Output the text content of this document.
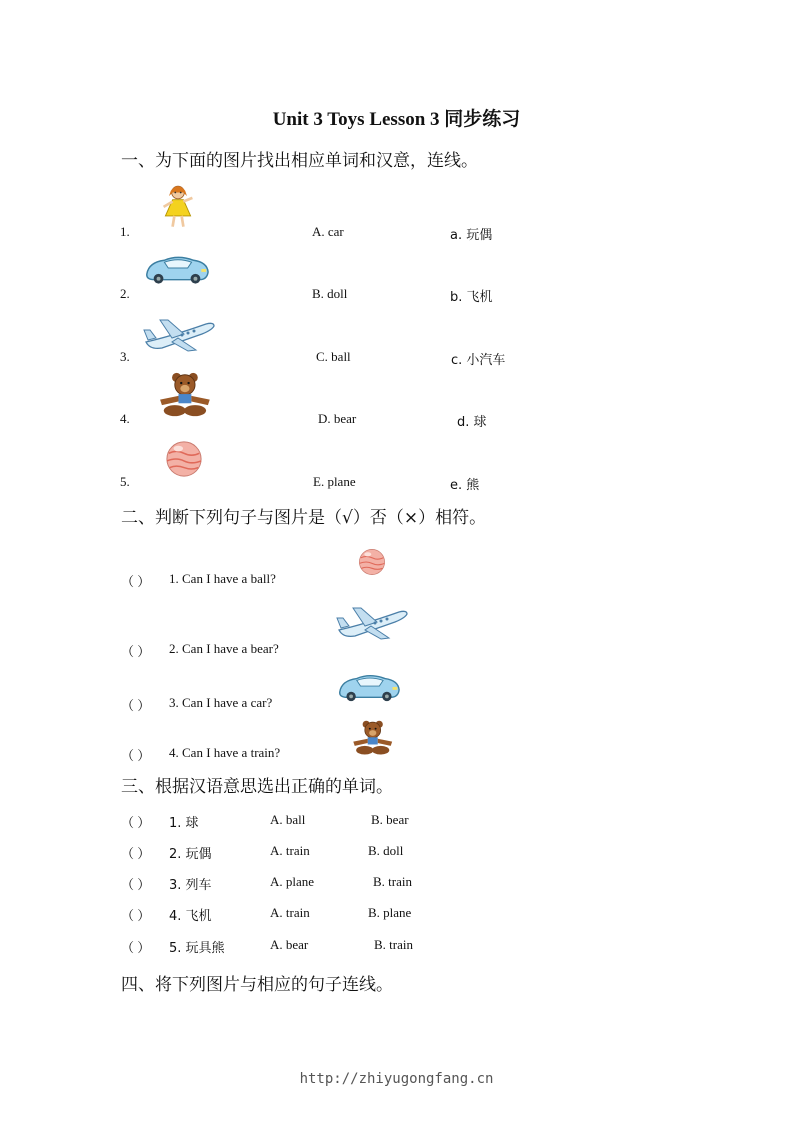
Unit 3 Toys Lesson 3 同步练习
一、为下面的图片找出相应单词和汉意，连线。
1.	A. car	a. 玩偶
2.	B. doll	b. 飞机
3.	C. ball	c. 小汽车
4.	D. bear	d. 球
5.	E. plane	e. 熊
二、判断下列句子与图片是（√）否（×）相符。
（ ） 1. Can I have a ball?
（ ） 2. Can I have a bear?
（ ） 3. Can I have a car?
（ ） 4. Can I have a train?
三、根据汉语意思选出正确的单词。
（ ） 1. 球	A. ball	B. bear
（ ） 2. 玩偶	A. train	B. doll
（ ） 3. 列车	A. plane	B. train
（ ） 4. 飞机	A. train	B. plane
（ ） 5. 玩具熊	A. bear	B. train
四、将下列图片与相应的句子连线。
http://zhiyugongfang.cn
